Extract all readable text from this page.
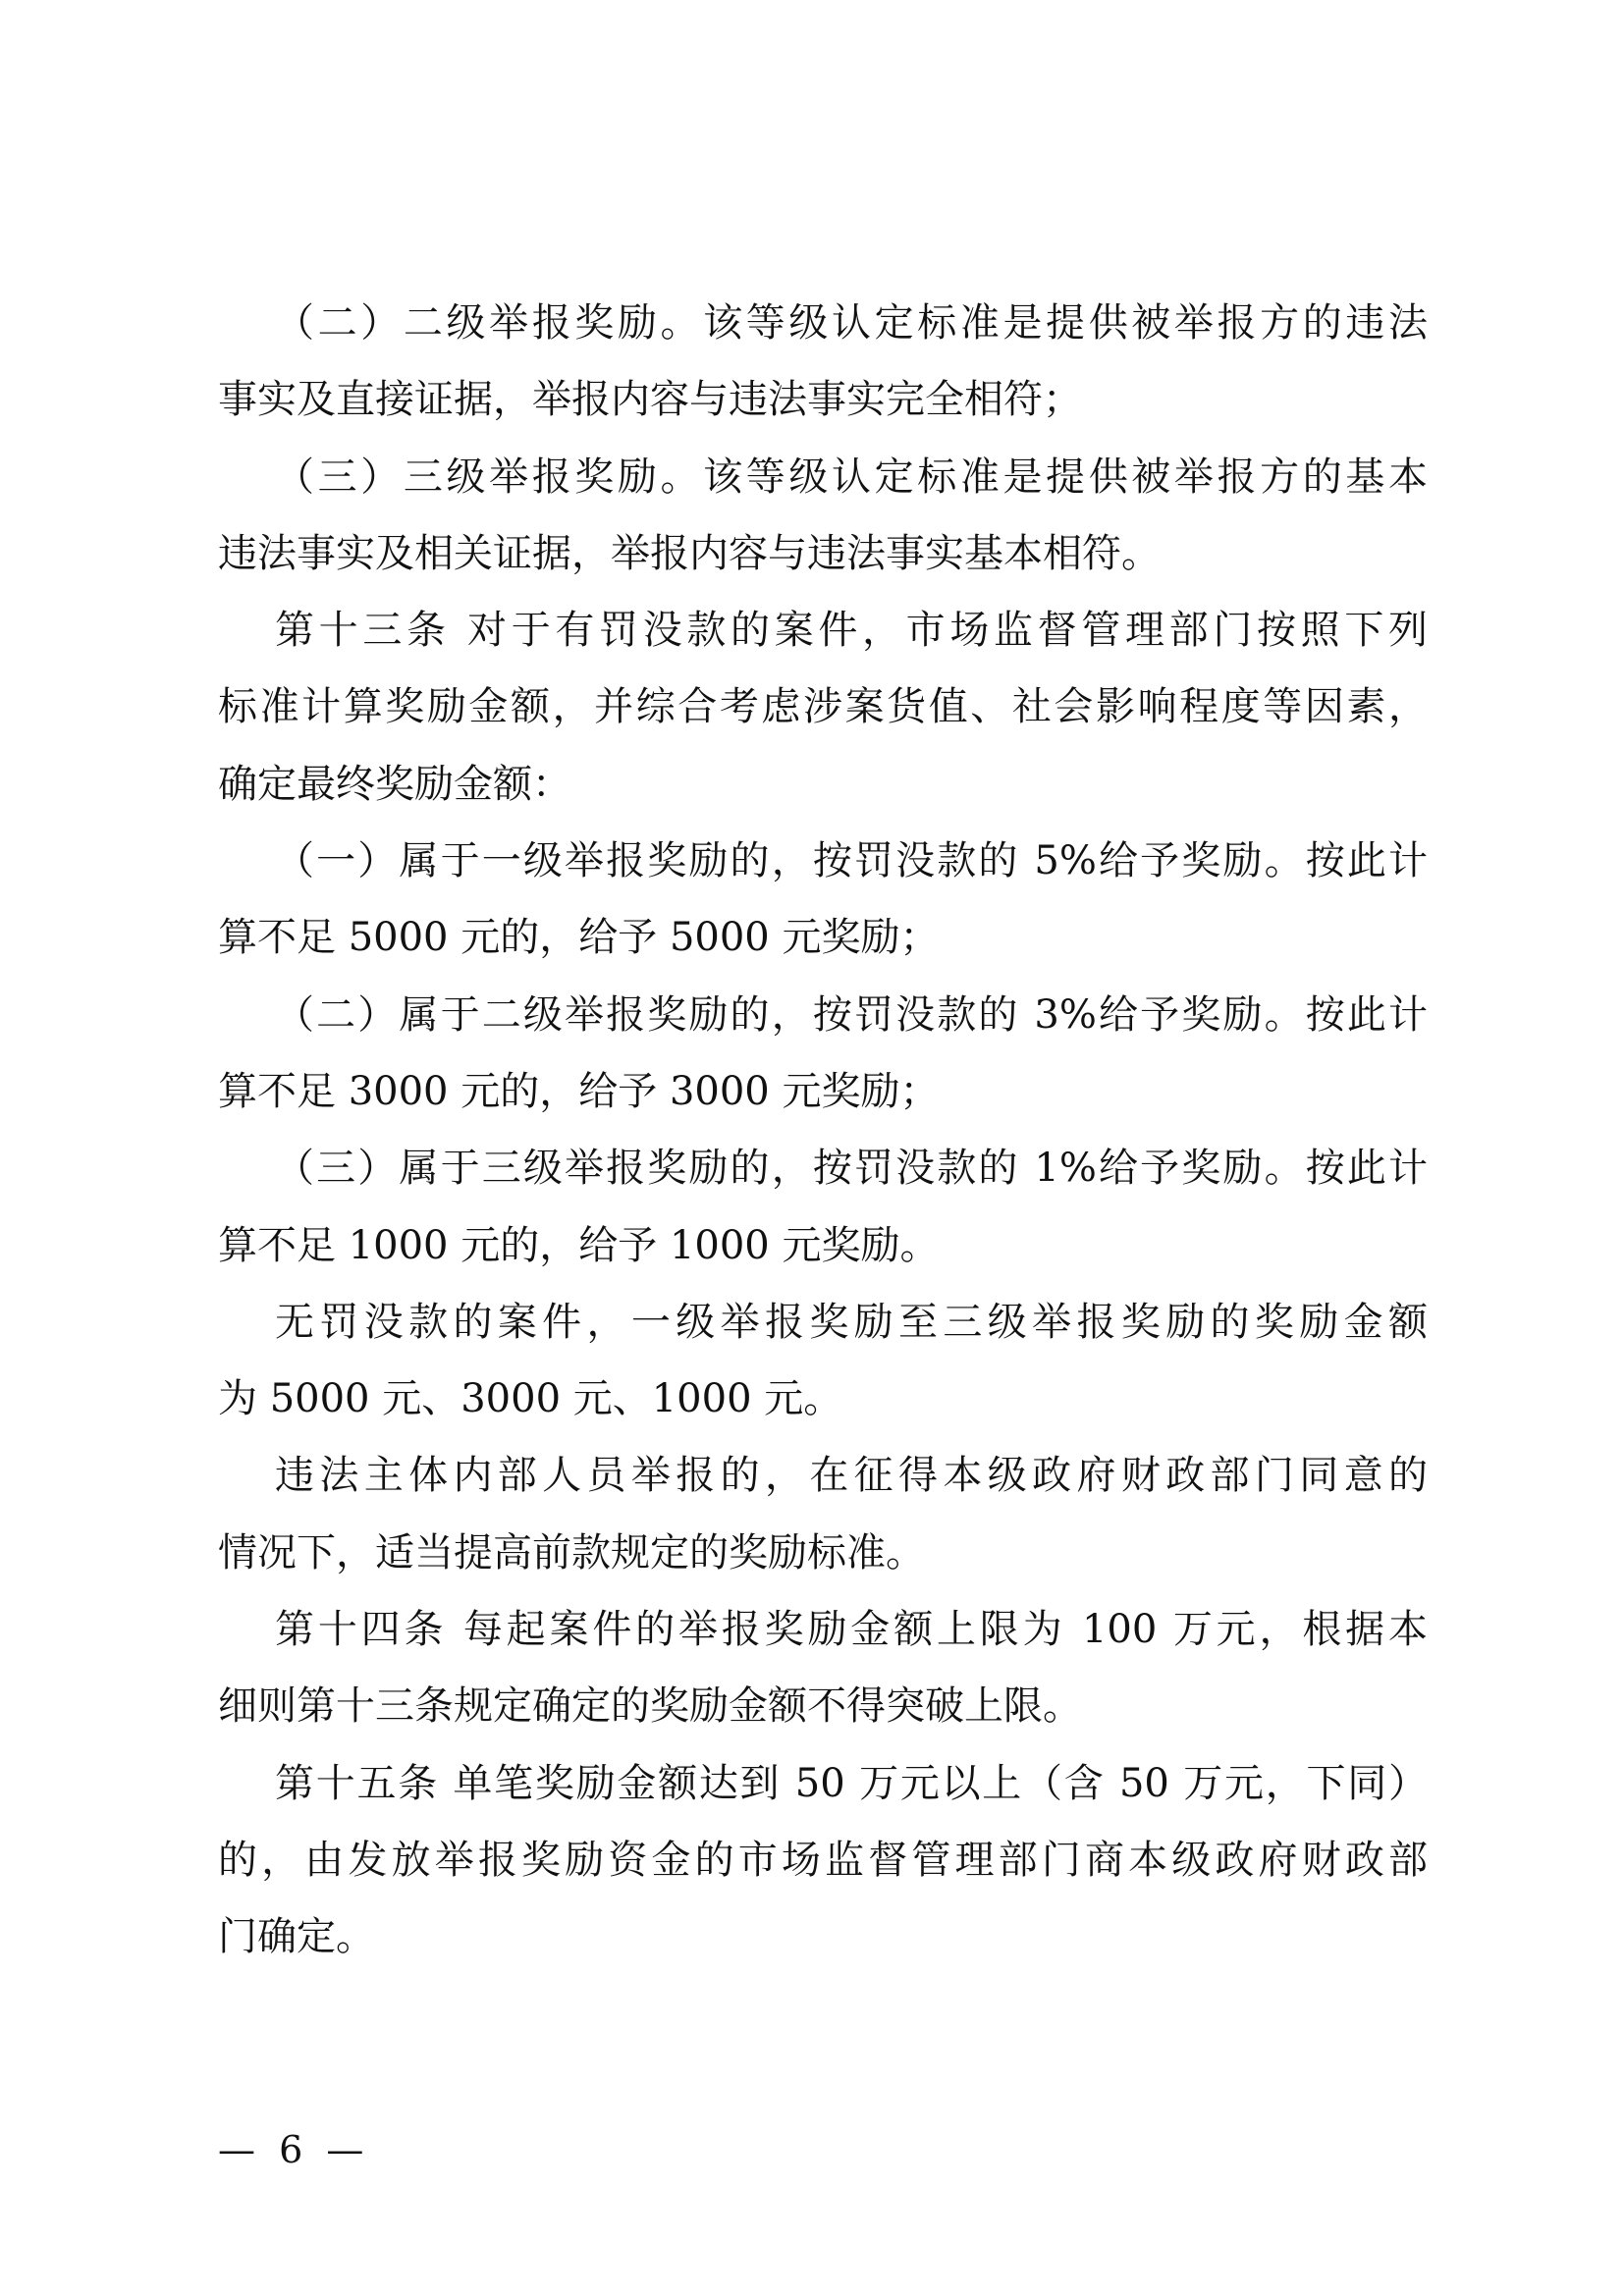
（二）二级举报奖励。该等级认定标准是提供被举报方的违法
事实及直接证据，举报内容与违法事实完全相符；
（三）三级举报奖励。该等级认定标准是提供被举报方的基本
违法事实及相关证据，举报内容与违法事实基本相符。
第十三条 对于有罚没款的案件，市场监督管理部门按照下列
标准计算奖励金额，并综合考虑涉案货值、社会影响程度等因素，
确定最终奖励金额：
（一）属于一级举报奖励的，按罚没款的 5%给予奖励。按此计
算不足 5000 元的，给予 5000 元奖励；
（二）属于二级举报奖励的，按罚没款的 3%给予奖励。按此计
算不足 3000 元的，给予 3000 元奖励；
（三）属于三级举报奖励的，按罚没款的 1%给予奖励。按此计
算不足 1000 元的，给予 1000 元奖励。
无罚没款的案件，一级举报奖励至三级举报奖励的奖励金额
为 5000 元、3000 元、1000 元。
违法主体内部人员举报的，在征得本级政府财政部门同意的
情况下，适当提高前款规定的奖励标准。
第十四条 每起案件的举报奖励金额上限为 100 万元，根据本
细则第十三条规定确定的奖励金额不得突破上限。
第十五条 单笔奖励金额达到 50 万元以上（含 50 万元，下同）
的，由发放举报奖励资金的市场监督管理部门商本级政府财政部
门确定。
— 6 —
